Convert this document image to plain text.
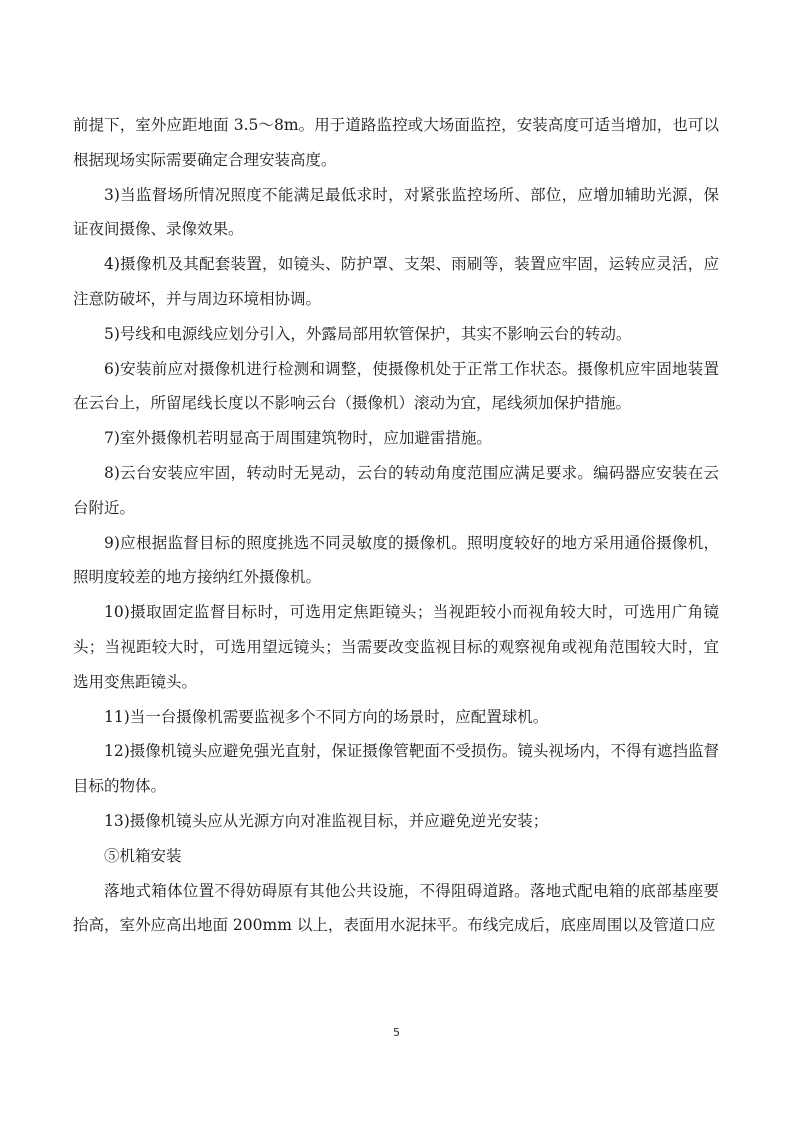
前提下，室外应距地面 3.5～8m。用于道路监控或大场面监控，安装高度可适当增加，也可以根据现场实际需要确定合理安装高度。

3)当监督场所情况照度不能满足最低求时，对紧张监控场所、部位，应增加辅助光源，保证夜间摄像、录像效果。

4)摄像机及其配套装置，如镜头、防护罩、支架、雨刷等，装置应牢固，运转应灵活，应注意防破坏，并与周边环境相协调。

5)号线和电源线应划分引入，外露局部用软管保护，其实不影响云台的转动。

6)安装前应对摄像机进行检测和调整，使摄像机处于正常工作状态。摄像机应牢固地装置在云台上，所留尾线长度以不影响云台（摄像机）滚动为宜，尾线须加保护措施。

7)室外摄像机若明显高于周围建筑物时，应加避雷措施。

8)云台安装应牢固，转动时无晃动，云台的转动角度范围应满足要求。编码器应安装在云台附近。

9)应根据监督目标的照度挑选不同灵敏度的摄像机。照明度较好的地方采用通俗摄像机，照明度较差的地方接纳红外摄像机。

10)摄取固定监督目标时，可选用定焦距镜头；当视距较小而视角较大时，可选用广角镜头；当视距较大时，可选用望远镜头；当需要改变监视目标的观察视角或视角范围较大时，宜选用变焦距镜头。

11)当一台摄像机需要监视多个不同方向的场景时，应配置球机。

12)摄像机镜头应避免强光直射，保证摄像管靶面不受损伤。镜头视场内，不得有遮挡监督目标的物体。

13)摄像机镜头应从光源方向对准监视目标，并应避免逆光安装；

⑤机箱安装

落地式箱体位置不得妨碍原有其他公共设施，不得阻碍道路。落地式配电箱的底部基座要抬高，室外应高出地面 200mm 以上，表面用水泥抹平。布线完成后，底座周围以及管道口应

5
